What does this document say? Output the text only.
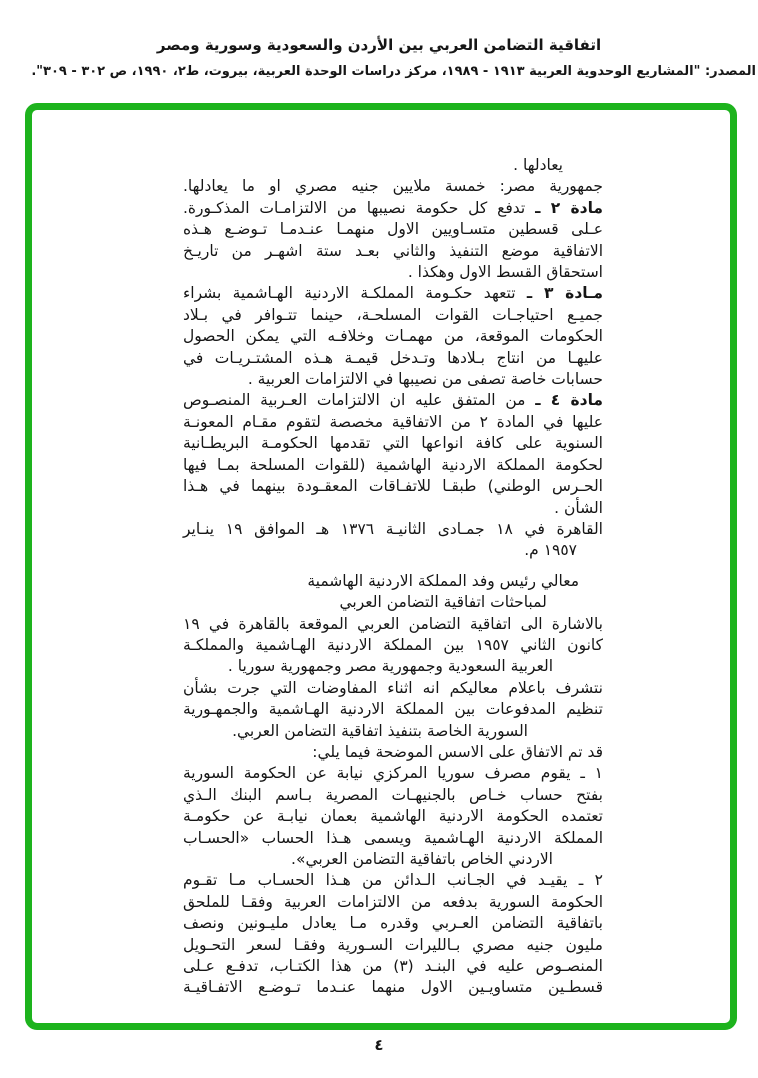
اتفاقية التضامن العربي بين الأردن والسعودية وسورية ومصر
المصدر: "المشاريع الوحدوية العربية ١٩١٣ - ١٩٨٩، مركز دراسات الوحدة العربية، بيروت، ط٢، ١٩٩٠، ص ٣٠٢ - ٣٠٩".
يعادلها .
جمهورية مصر: خمسة ملايين جنيه مصري او ما يعادلها.
مادة ٢ ـ تدفع كل حكومة نصيبها من الالتزامـات المذكـورة.
عـلى قسطين متسـاويين الاول منهمـا عنـدمـا تـوضـع هـذه
الاتفاقية موضع التنفيذ والثاني بعـد ستة اشهـر من تاريـخ
استحقاق القسط الاول وهكذا .
مـادة ٣ ـ تتعهد حكـومة المملكـة الاردنية الهـاشمية بشراء
جميـع احتياجـات القوات المسلحـة، حينما تتـوافر في بـلاد
الحكومات الموقعة، من مهمـات وخلافـه التي يمكن الحصول
عليهـا من انتاج بـلادها وتـدخل قيمـة هـذه المشتـريـات في
حسابات خاصة تصفى من نصيبها في الالتزامات العربية .
مادة ٤ ـ من المتفق عليه ان الالتزامات العـربية المنصـوص
عليها في المادة ٢ من الاتفاقية مخصصة لتقوم مقـام المعونـة
السنوية على كافة انواعها التي تقدمها الحكومـة البريطـانية
لحكومة المملكة الاردنية الهاشمية (للقوات المسلحة بمـا فيها
الحـرس الوطني) طبقـا للاتفـاقات المعقـودة بينهما في هـذا
الشأن .
القاهرة في ١٨ جمـادى الثانيـة ١٣٧٦ هـ الموافق ١٩ ينـاير
١٩٥٧ م.
معالي رئيس وفد المملكة الاردنية الهاشمية
لمباحثات اتفاقية التضامن العربي
بالاشارة الى اتفاقية التضامن العربي الموقعة بالقاهرة في ١٩
كانون الثاني ١٩٥٧ بين المملكة الاردنية الهـاشمية والمملكـة
العربية السعودية وجمهورية مصر وجمهورية سوريا .
نتشرف باعلام معاليكم انه اثناء المفاوضات التي جرت بشأن
تنظيم المدفوعات بين المملكة الاردنية الهـاشمية والجمهـورية
السورية الخاصة بتنفيذ اتفاقية التضامن العربي.
قد تم الاتفاق على الاسس الموضحة فيما يلي:
١ ـ يقوم مصرف سوريا المركزي نيابة عن الحكومة السورية
بفتح حساب خـاص بالجنيهـات المصرية بـاسم البنك الـذي
تعتمده الحكومة الاردنية الهاشمية بعمان نيابـة عن حكومـة
المملكة الاردنية الهـاشمية ويسمى هـذا الحساب «الحسـاب
الاردني الخاص باتفاقية التضامن العربي».
٢ ـ يقيـد في الجـانب الـدائن من هـذا الحسـاب مـا تقـوم
الحكومة السورية بدفعه من الالتزامات العربية وفقـا للملحق
باتفاقية التضامن العـربي وقدره مـا يعادل مليـونين ونصف
مليون جنيه مصري بـالليرات السـورية وفقـا لسعر التحـويل
المنصـوص عليه في البنـد (٣) من هذا الكتـاب، تدفـع عـلى
قسطـين متساويـين الاول منهما عنـدما تـوضـع الاتفـاقيـة
٤
